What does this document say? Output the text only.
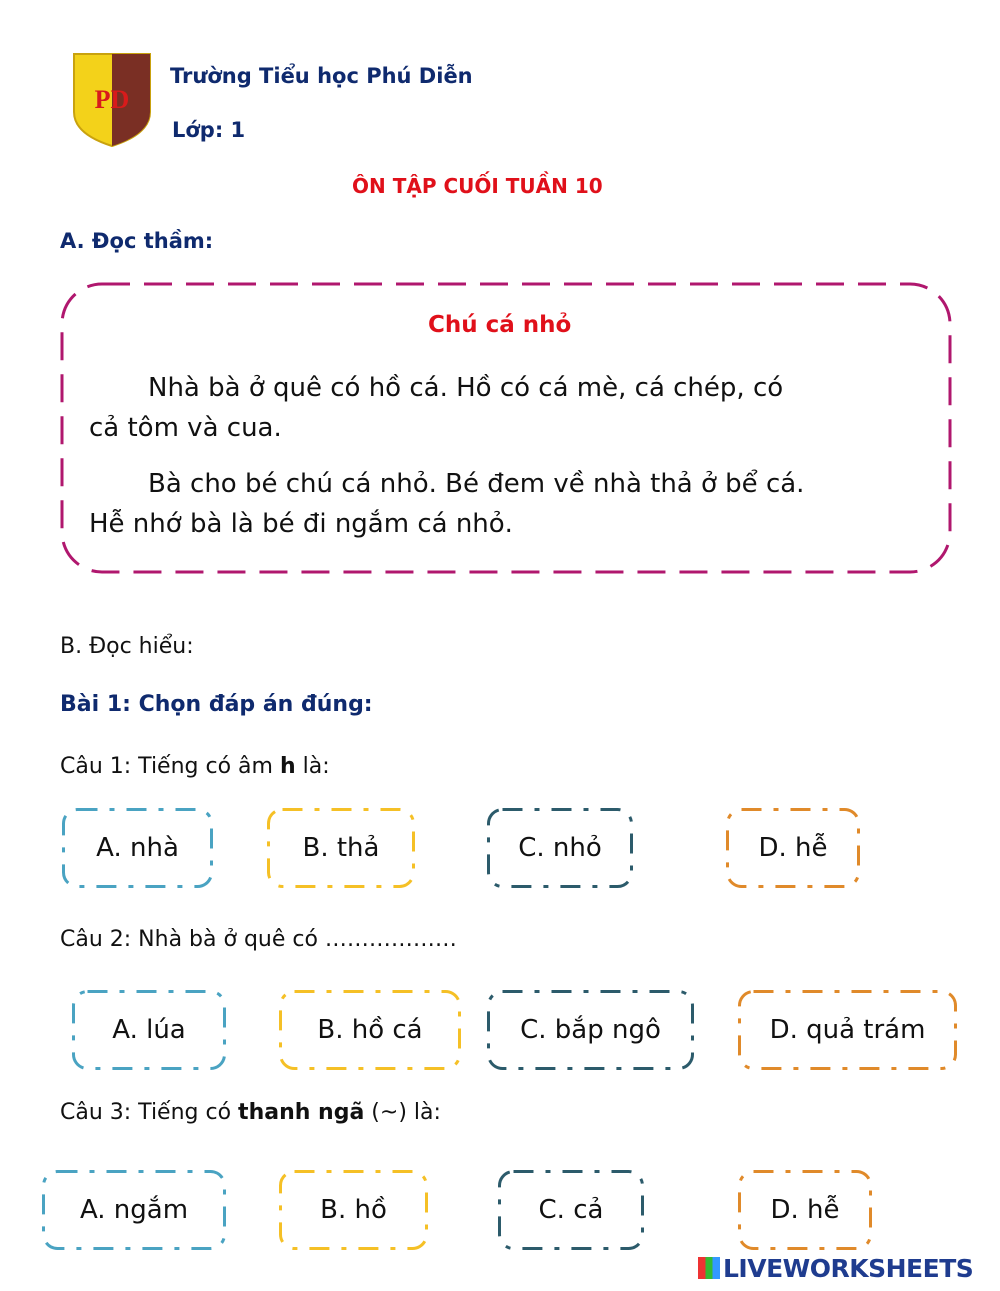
PD
Trường Tiểu học Phú Diễn
Lớp: 1
ÔN TẬP CUỐI TUẦN 10
A. Đọc thầm:
Chú cá nhỏ
Nhà bà ở quê có hồ cá. Hồ có cá mè, cá chép, có
cả tôm và cua.
Bà cho bé chú cá nhỏ. Bé đem về nhà thả ở bể cá.
Hễ nhớ bà là bé đi ngắm cá nhỏ.
B. Đọc hiểu:
Bài 1: Chọn đáp án đúng:
Câu 1: Tiếng có âm h là:
A. nhà	B. thả	C. nhỏ	D. hễ
Câu 2: Nhà bà ở quê có ………………
A. lúa	B. hồ cá	C. bắp ngô	D. quả trám
Câu 3: Tiếng có thanh ngã (~) là:
A. ngắm	B. hồ	C. cả	D. hễ
LIVEWORKSHEETS
